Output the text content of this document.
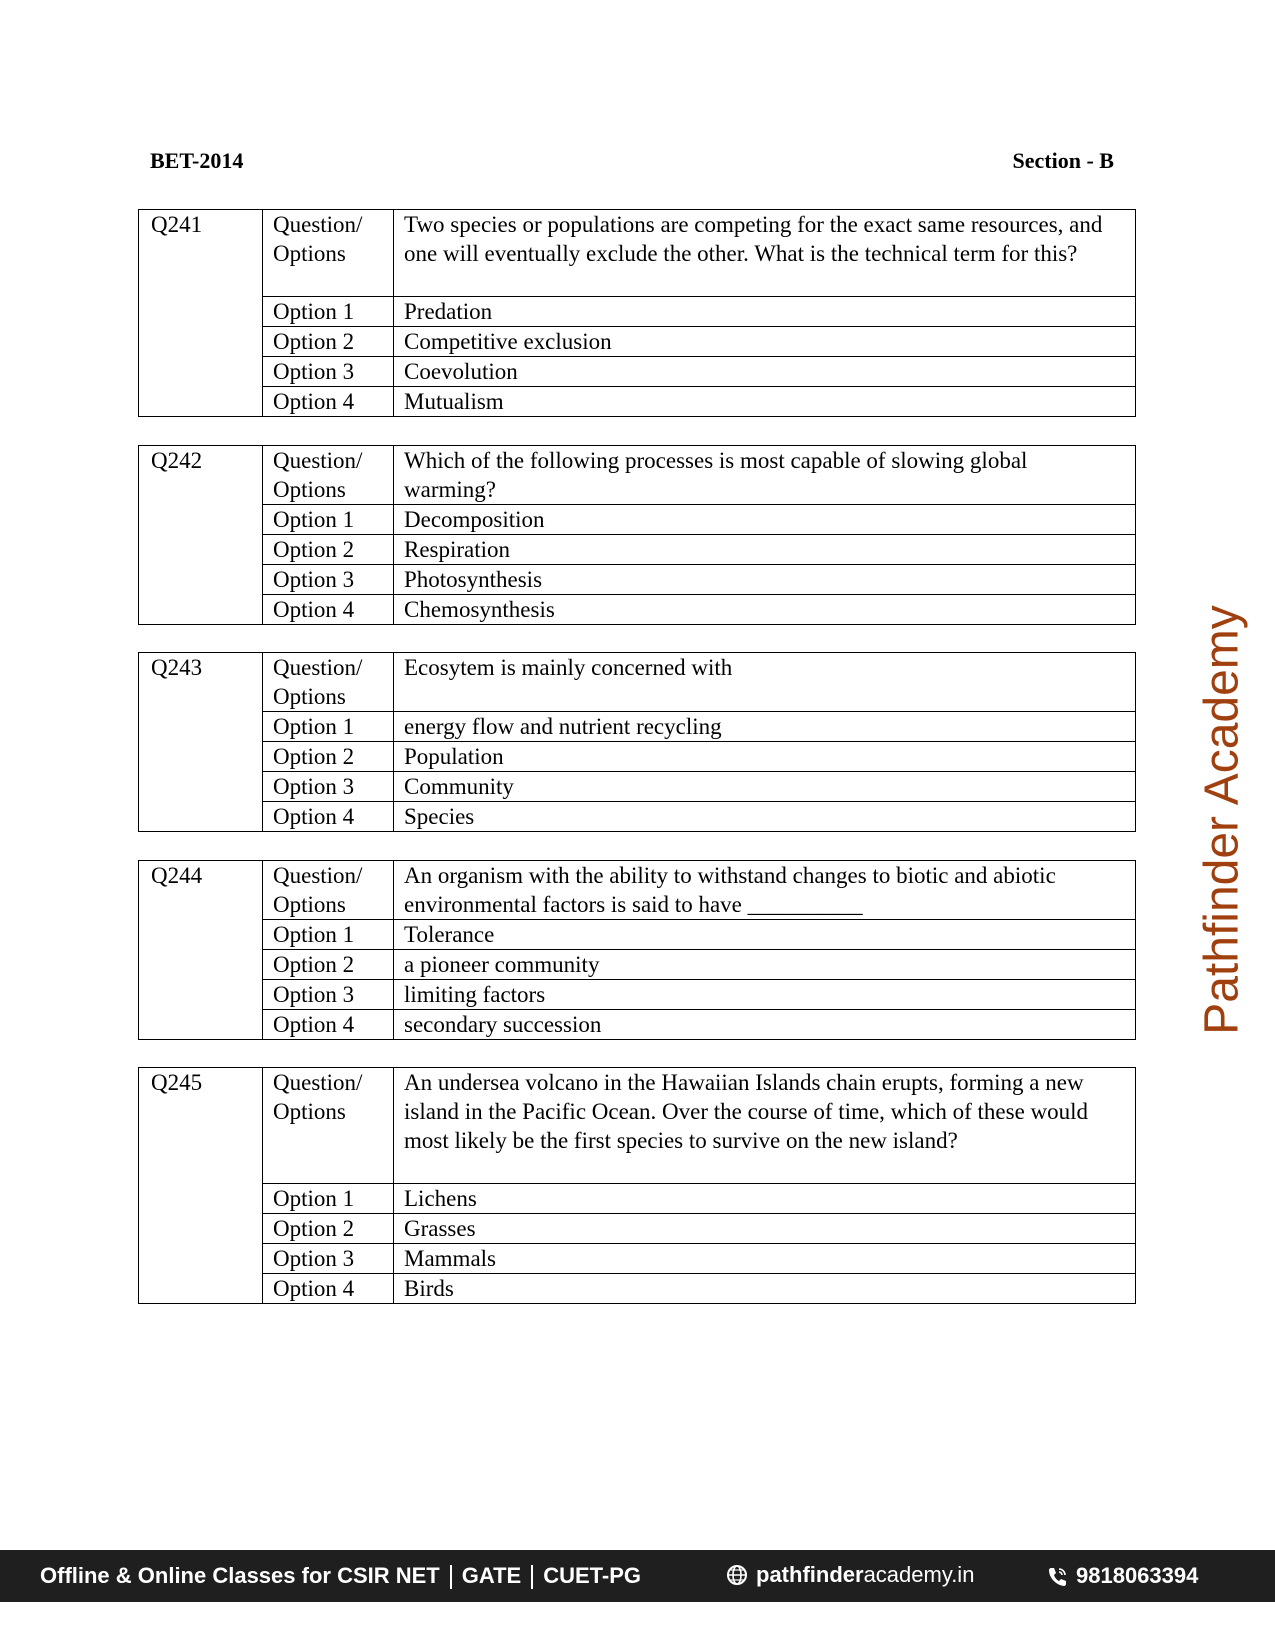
BET-2014	Section - B
Q241	Question/ Options	Two species or populations are competing for the exact same resources, and one will eventually exclude the other. What is the technical term for this?
	Option 1	Predation
	Option 2	Competitive exclusion
	Option 3	Coevolution
	Option 4	Mutualism
Q242	Question/ Options	Which of the following processes is most capable of slowing global warming?
	Option 1	Decomposition
	Option 2	Respiration
	Option 3	Photosynthesis
	Option 4	Chemosynthesis
Q243	Question/ Options	Ecosytem is mainly concerned with
	Option 1	energy flow and nutrient recycling
	Option 2	Population
	Option 3	Community
	Option 4	Species
Q244	Question/ Options	An organism with the ability to withstand changes to biotic and abiotic environmental factors is said to have __________
	Option 1	Tolerance
	Option 2	a pioneer community
	Option 3	limiting factors
	Option 4	secondary succession
Q245	Question/ Options	An undersea volcano in the Hawaiian Islands chain erupts, forming a new island in the Pacific Ocean. Over the course of time, which of these would most likely be the first species to survive on the new island?
	Option 1	Lichens
	Option 2	Grasses
	Option 3	Mammals
	Option 4	Birds
Pathfinder Academy
Offline & Online Classes for CSIR NET GATE CUET-PG	pathfinder academy.in	9818063394
